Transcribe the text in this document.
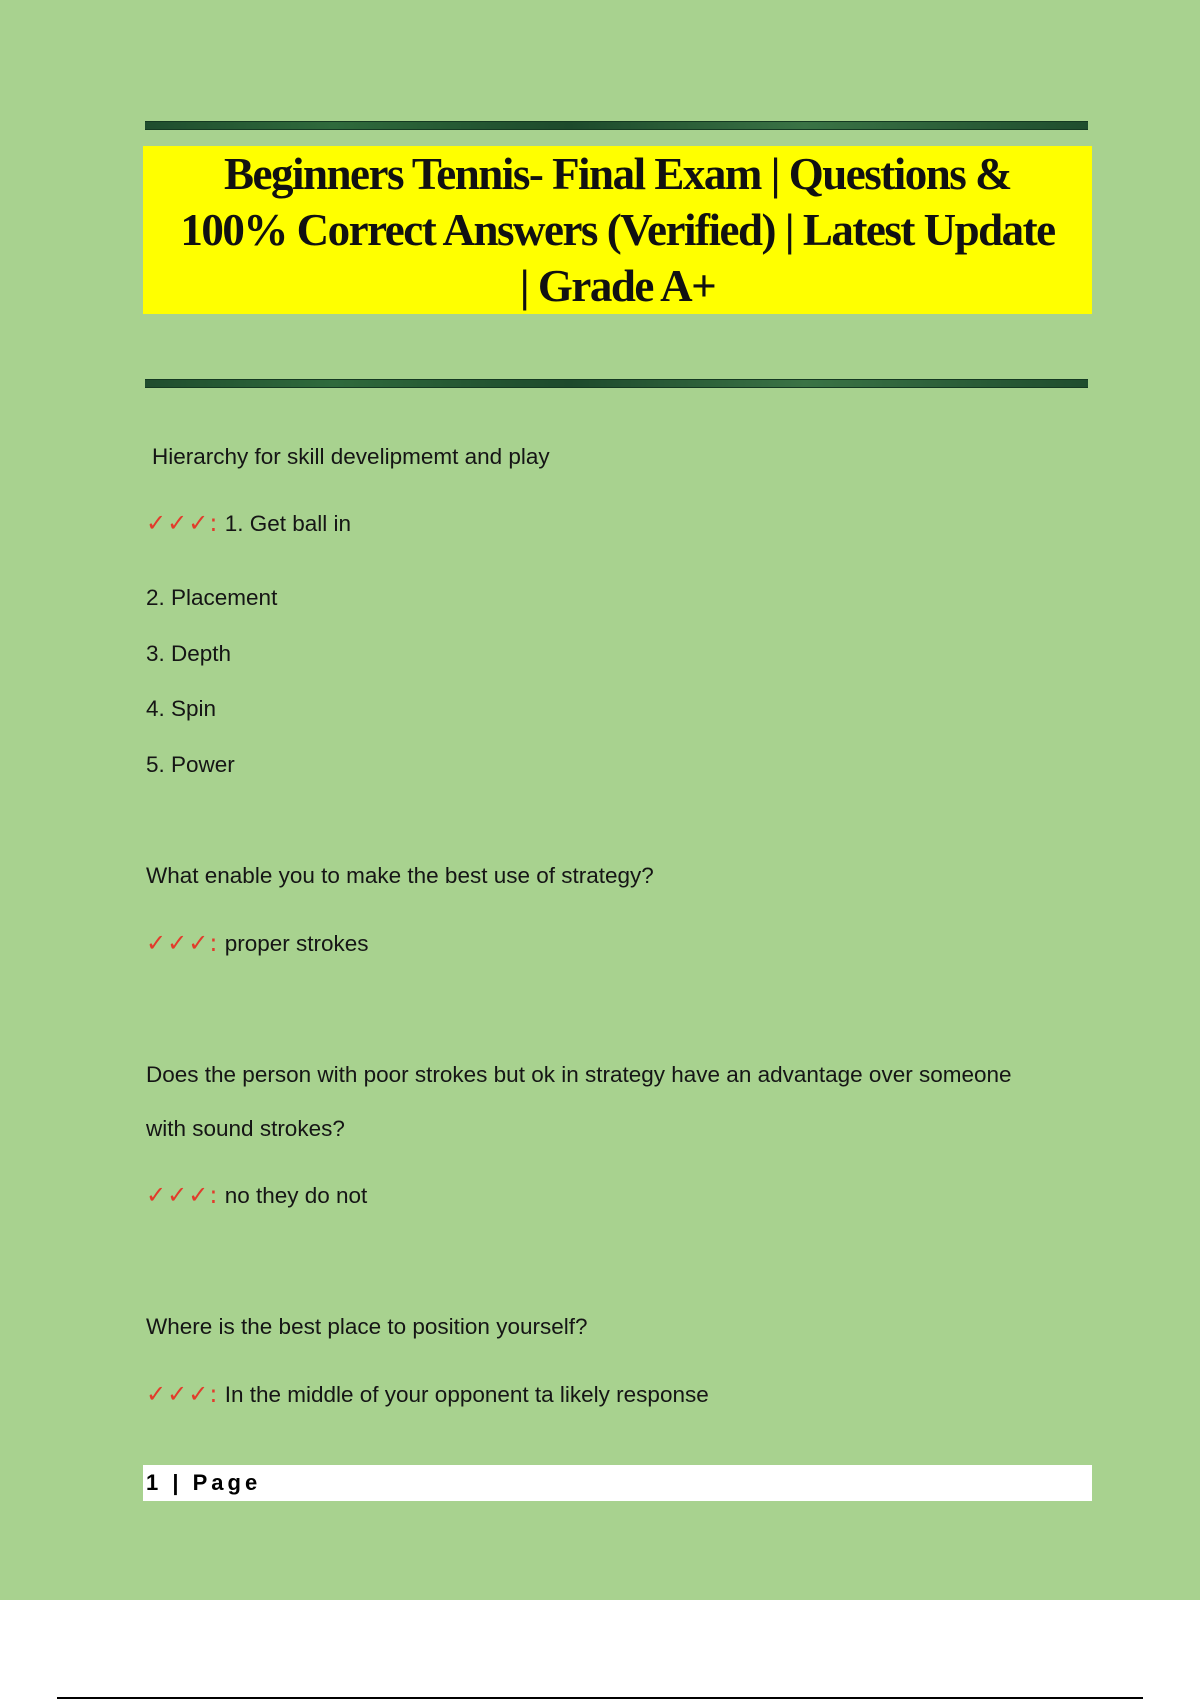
Beginners Tennis- Final Exam | Questions & 100% Correct Answers (Verified) | Latest Update | Grade A+
Hierarchy for skill develipmemt and play
✓✓✓: 1. Get ball in
2. Placement
3. Depth
4. Spin
5. Power
What enable you to make the best use of strategy?
✓✓✓: proper strokes
Does the person with poor strokes but ok in strategy have an advantage over someone
with sound strokes?
✓✓✓: no they do not
Where is the best place to position yourself?
✓✓✓: In the middle of your opponent ta likely response
1 | Page
